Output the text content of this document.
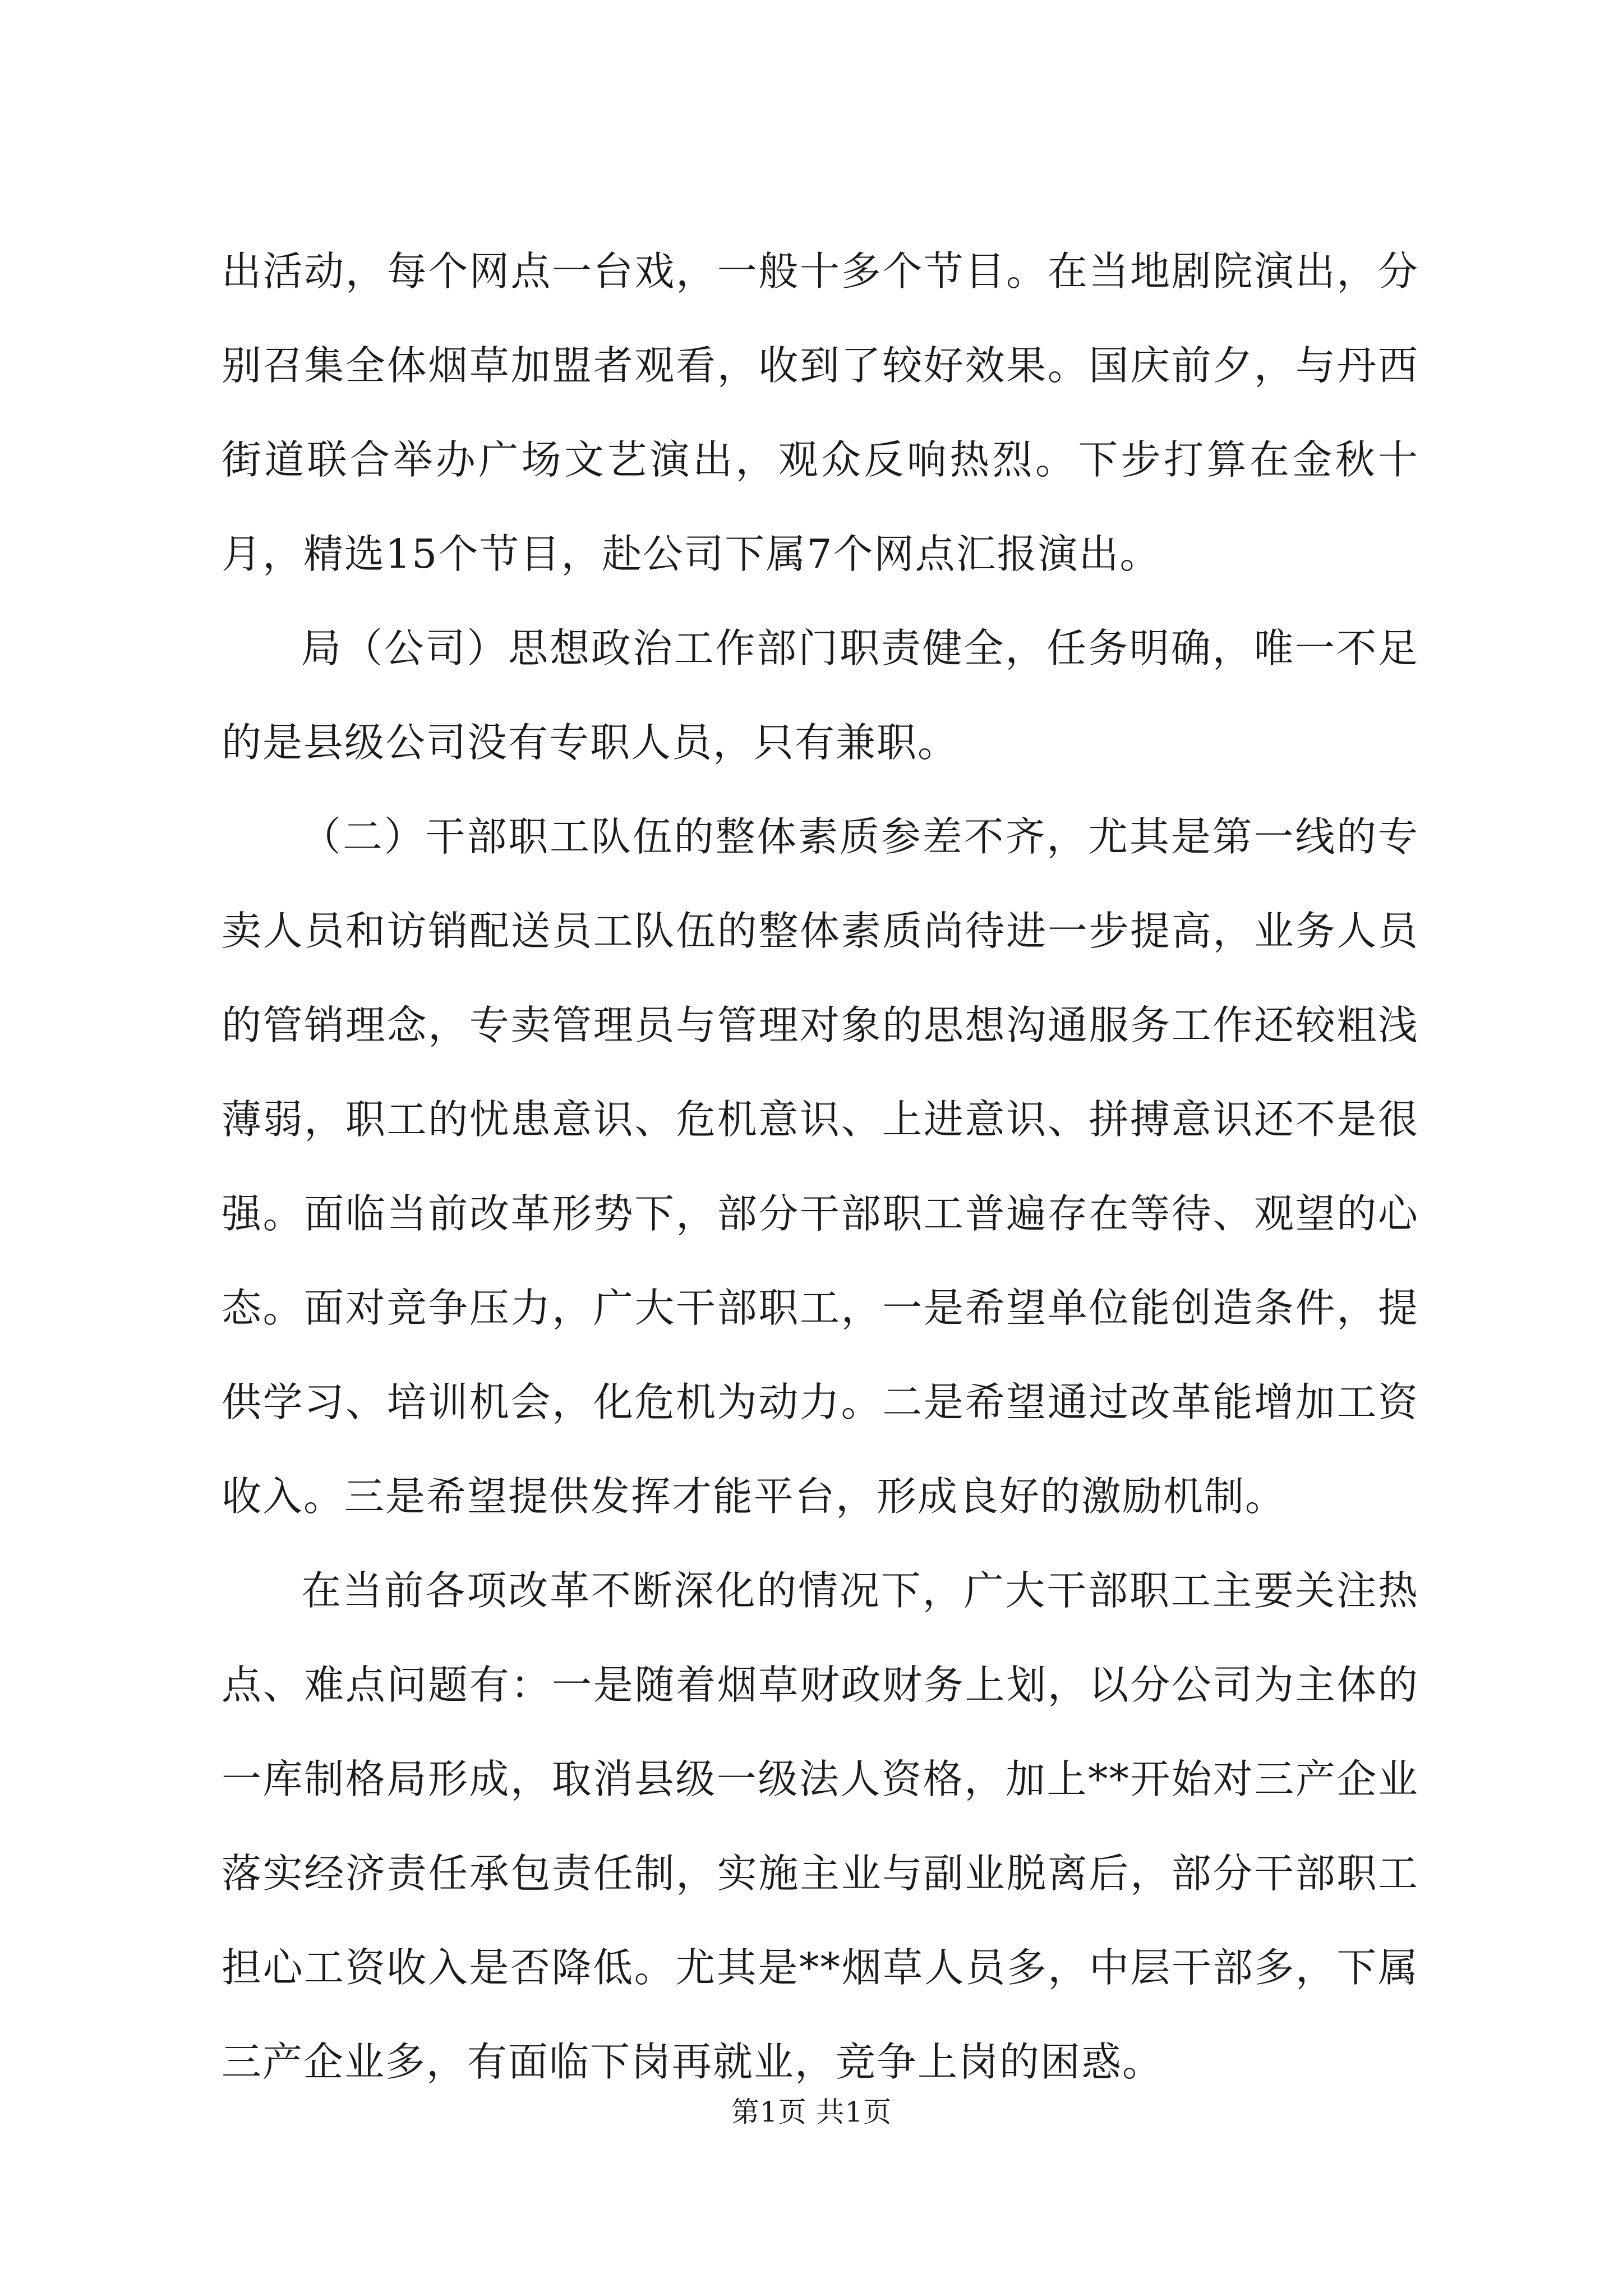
出活动，每个网点一台戏，一般十多个节目。在当地剧院演出，分别召集全体烟草加盟者观看，收到了较好效果。国庆前夕，与丹西街道联合举办广场文艺演出，观众反响热烈。下步打算在金秋十月，精选15个节目，赴公司下属7个网点汇报演出。

局（公司）思想政治工作部门职责健全，任务明确，唯一不足的是县级公司没有专职人员，只有兼职。

（二）干部职工队伍的整体素质参差不齐，尤其是第一线的专卖人员和访销配送员工队伍的整体素质尚待进一步提高，业务人员的管销理念，专卖管理员与管理对象的思想沟通服务工作还较粗浅薄弱，职工的忧患意识、危机意识、上进意识、拼搏意识还不是很强。面临当前改革形势下，部分干部职工普遍存在等待、观望的心态。面对竞争压力，广大干部职工，一是希望单位能创造条件，提供学习、培训机会，化危机为动力。二是希望通过改革能增加工资收入。三是希望提供发挥才能平台，形成良好的激励机制。

在当前各项改革不断深化的情况下，广大干部职工主要关注热点、难点问题有：一是随着烟草财政财务上划，以分公司为主体的一库制格局形成，取消县级一级法人资格，加上**开始对三产企业落实经济责任承包责任制，实施主业与副业脱离后，部分干部职工担心工资收入是否降低。尤其是**烟草人员多，中层干部多，下属三产企业多，有面临下岗再就业，竞争上岗的困惑。

第1页 共1页
